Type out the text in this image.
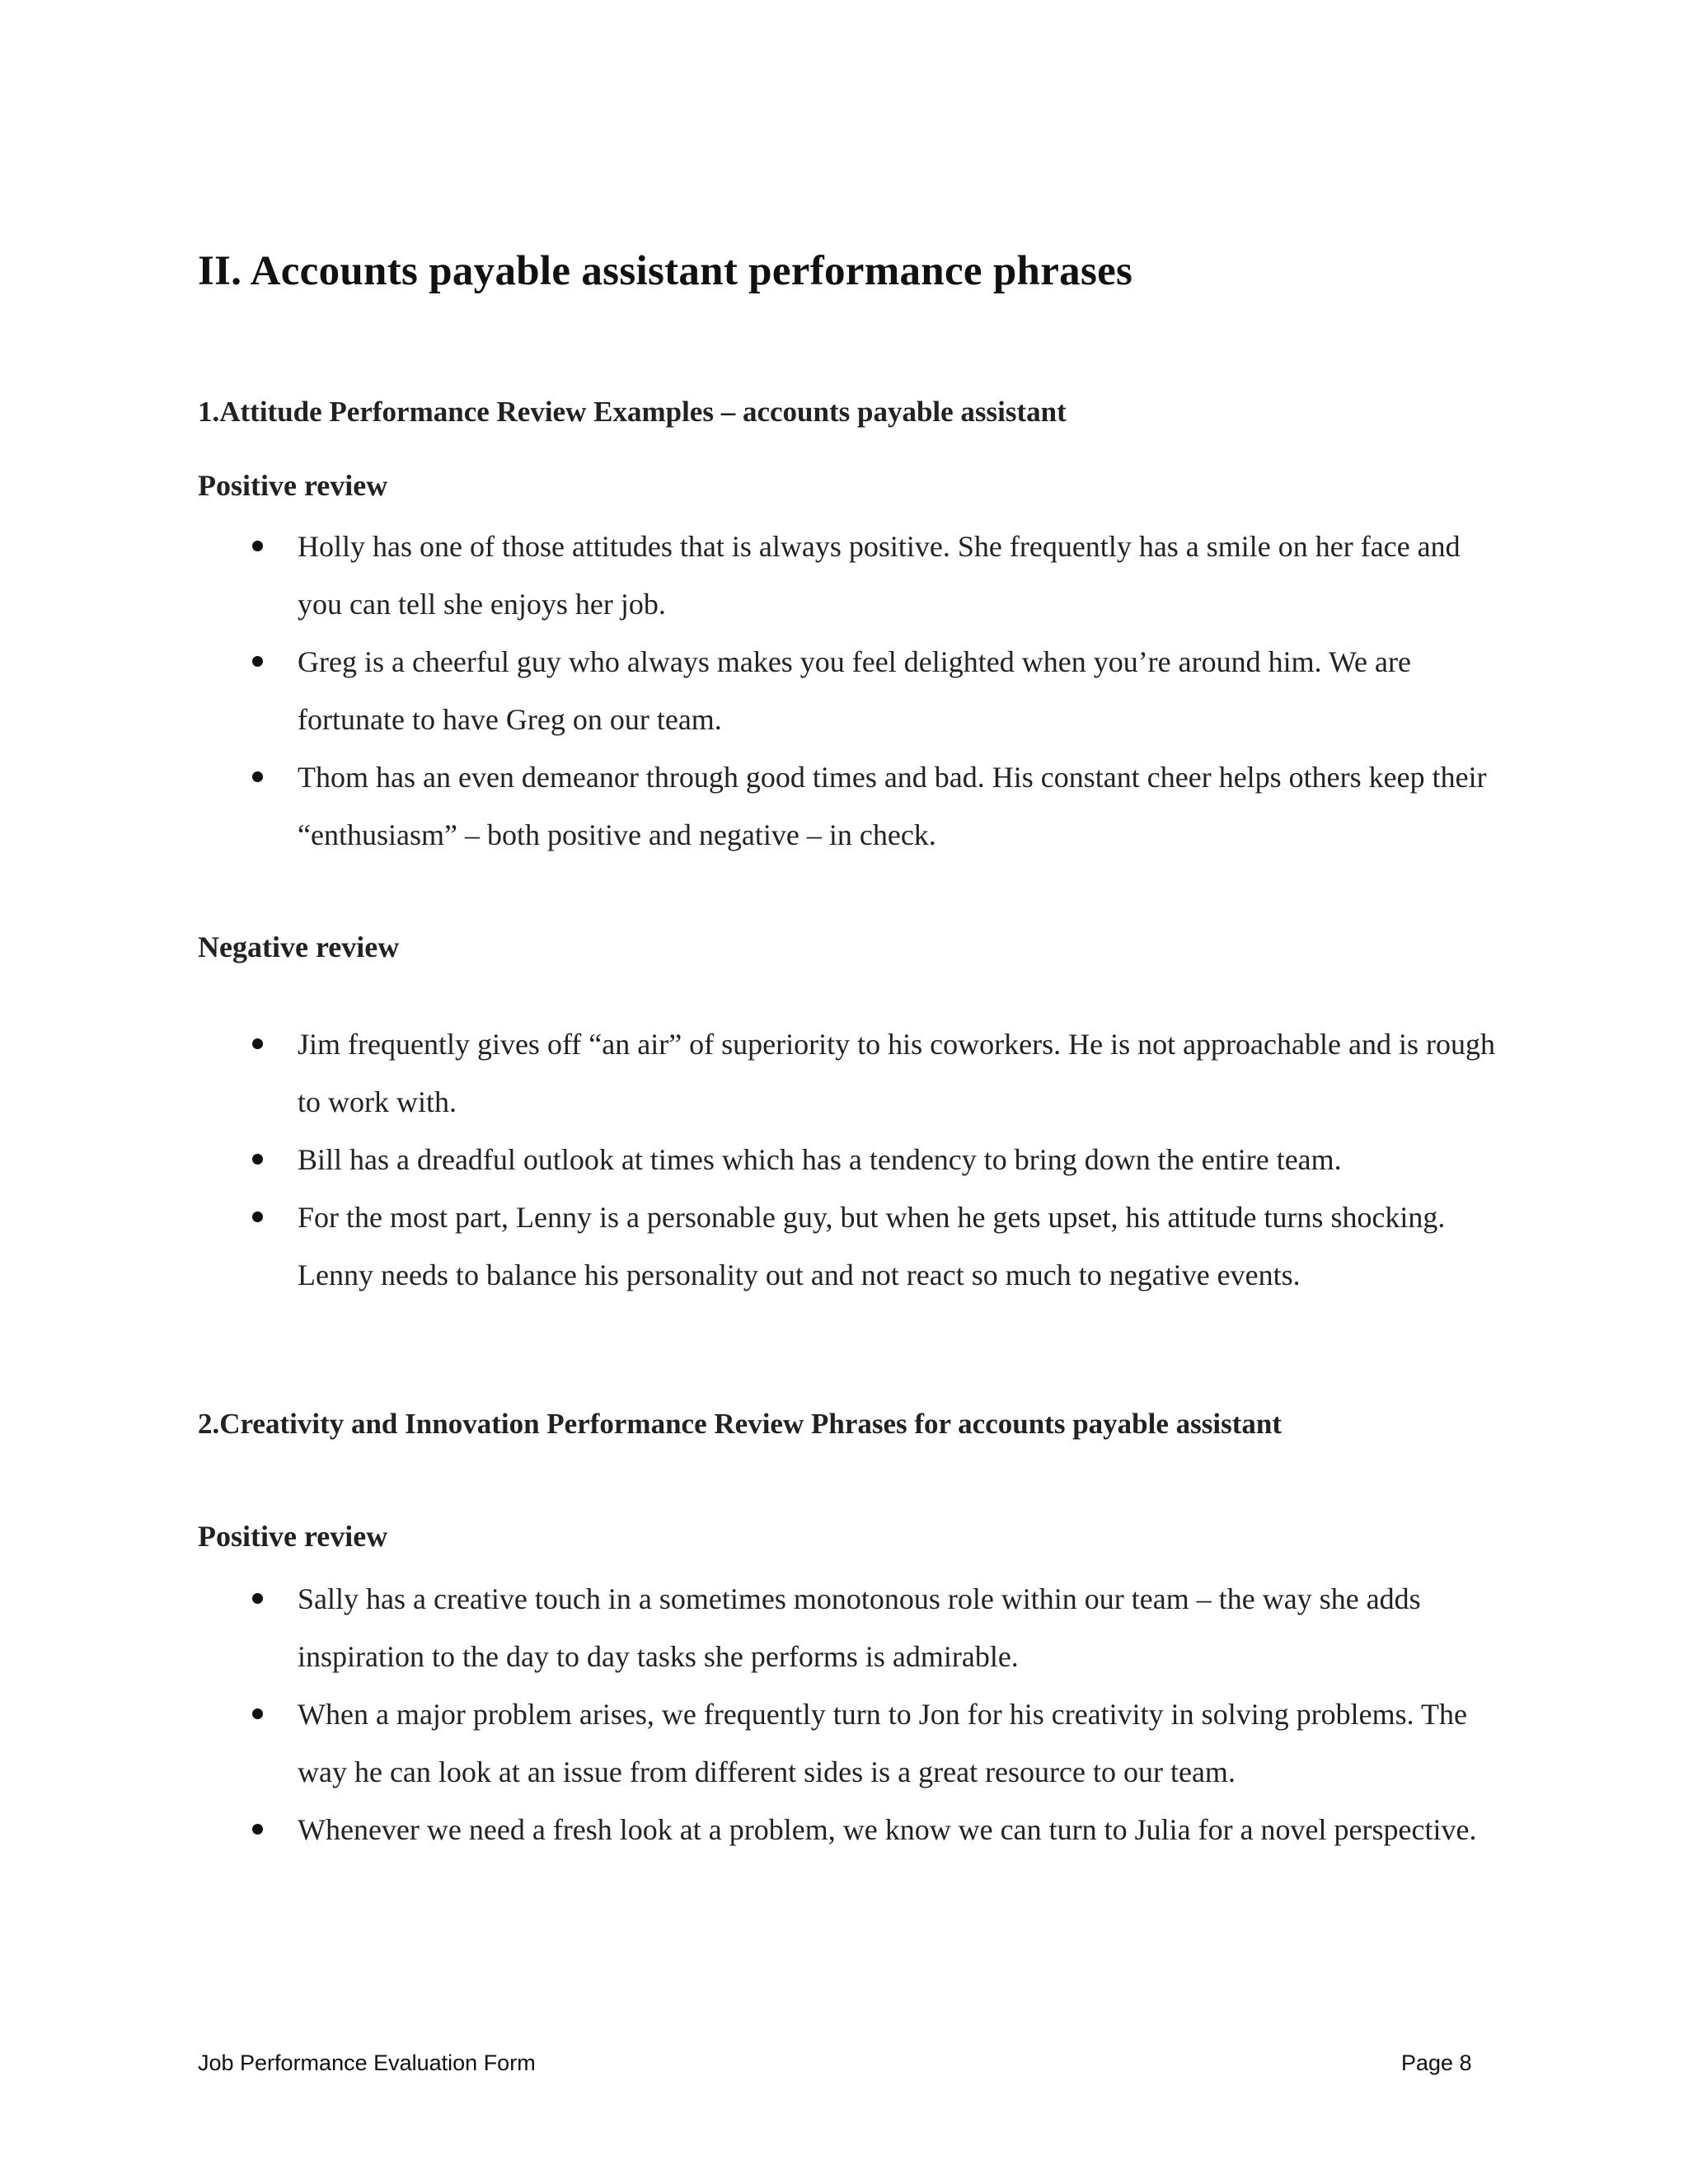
II. Accounts payable assistant performance phrases
1.Attitude Performance Review Examples – accounts payable assistant
Positive review
Holly has one of those attitudes that is always positive. She frequently has a smile on her face and you can tell she enjoys her job.
Greg is a cheerful guy who always makes you feel delighted when you’re around him. We are fortunate to have Greg on our team.
Thom has an even demeanor through good times and bad. His constant cheer helps others keep their “enthusiasm” – both positive and negative – in check.
Negative review
Jim frequently gives off “an air” of superiority to his coworkers. He is not approachable and is rough to work with.
Bill has a dreadful outlook at times which has a tendency to bring down the entire team.
For the most part, Lenny is a personable guy, but when he gets upset, his attitude turns shocking. Lenny needs to balance his personality out and not react so much to negative events.
2.Creativity and Innovation Performance Review Phrases for accounts payable assistant
Positive review
Sally has a creative touch in a sometimes monotonous role within our team – the way she adds inspiration to the day to day tasks she performs is admirable.
When a major problem arises, we frequently turn to Jon for his creativity in solving problems. The way he can look at an issue from different sides is a great resource to our team.
Whenever we need a fresh look at a problem, we know we can turn to Julia for a novel perspective.
Job Performance Evaluation Form	Page 8
